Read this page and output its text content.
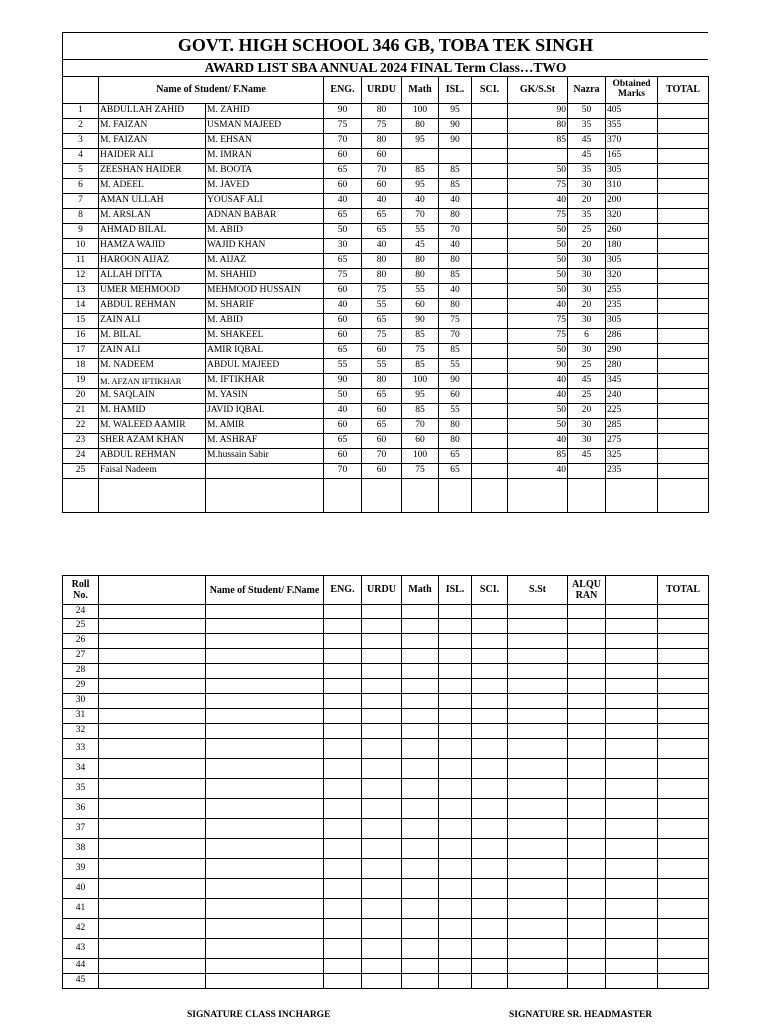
GOVT. HIGH SCHOOL 346 GB, TOBA TEK SINGH
AWARD LIST SBA ANNUAL 2024 FINAL Term Class…TWO
	Name of Student/ F.Name		ENG.	URDU	Math	ISL.	SCI.	GK/S.St	Nazra	Obtained Marks	TOTAL
1	ABDULLAH ZAHID	M. ZAHID	90	80	100	95		90	50	405	
2	M. FAIZAN	USMAN MAJEED	75	75	80	90		80	35	355	
3	M. FAIZAN	M. EHSAN	70	80	95	90		85	45	370	
4	HAIDER ALI	M. IMRAN	60	60					45	165	
5	ZEESHAN HAIDER	M. BOOTA	65	70	85	85		50	35	305	
6	M. ADEEL	M. JAVED	60	60	95	85		75	30	310	
7	AMAN ULLAH	YOUSAF ALI	40	40	40	40		40	20	200	
8	M. ARSLAN	ADNAN BABAR	65	65	70	80		75	35	320	
9	AHMAD BILAL	M. ABID	50	65	55	70		50	25	260	
10	HAMZA WAJID	WAJID KHAN	30	40	45	40		50	20	180	
11	HAROON AIJAZ	M. AIJAZ	65	80	80	80		50	30	305	
12	ALLAH DITTA	M. SHAHID	75	80	80	85		50	30	320	
13	UMER MEHMOOD	MEHMOOD HUSSAIN	60	75	55	40		50	30	255	
14	ABDUL REHMAN	M. SHARIF	40	55	60	80		40	20	235	
15	ZAIN ALI	M. ABID	60	65	90	75		75	30	305	
16	M. BILAL	M. SHAKEEL	60	75	85	70		75	6	286	
17	ZAIN ALI	AMIR IQBAL	65	60	75	85		50	30	290	
18	M. NADEEM	ABDUL MAJEED	55	55	85	55		90	25	280	
19	M. AFZAN IFTIKHAR	M. IFTIKHAR	90	80	100	90		40	45	345	
20	M. SAQLAIN	M. YASIN	50	65	95	60		40	25	240	
21	M. HAMID	JAVID IQBAL	40	60	85	55		50	20	225	
22	M. WALEED AAMIR	M. AMIR	60	65	70	80		50	30	285	
23	SHER AZAM KHAN	M. ASHRAF	65	60	60	80		40	30	275	
24	ABDUL REHMAN	M.hussain Sabir	60	70	100	65		85	45	325	
25	Faisal Nadeem		70	60	75	65		40		235	

Roll No.		Name of Student/ F.Name	ENG.	URDU	Math	ISL.	SCI.	S.St	ALQU RAN		TOTAL
24											
25											
26											
27											
28											
29											
30											
31											
32											
33											
34											
35											
36											
37											
38											
39											
40											
41											
42											
43											
44											
45											
SIGNATURE CLASS INCHARGE	SIGNATURE SR. HEADMASTER
